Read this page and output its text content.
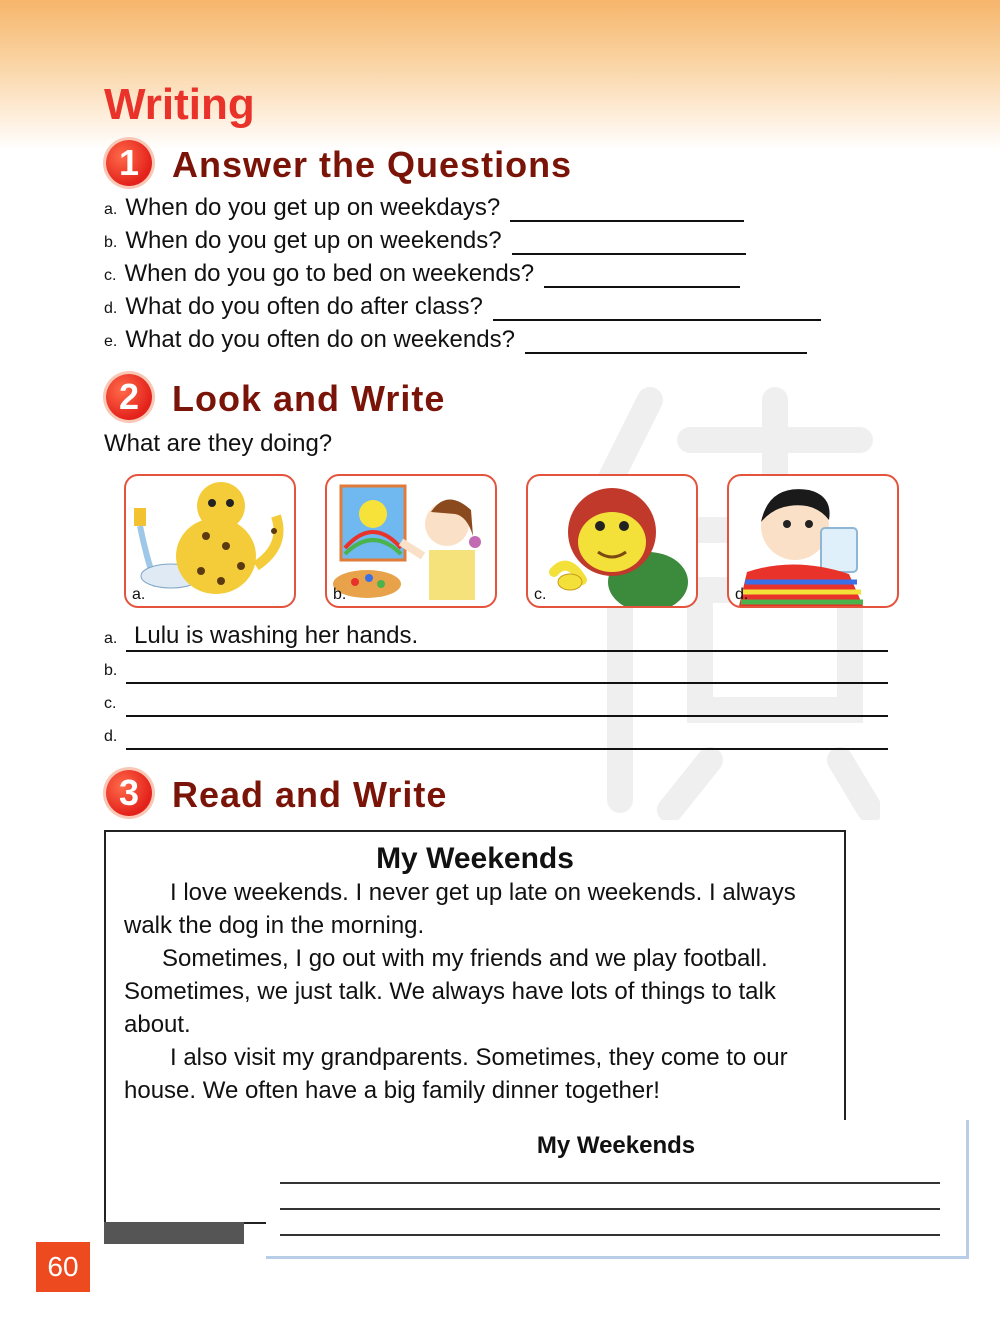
Writing
1 Answer the Questions
a. When do you get up on weekdays?
b. When do you get up on weekends?
c. When do you go to bed on weekends?
d. What do you often do after class?
e. What do you often do on weekends?
2 Look and Write
What are they doing?
a.	b.	c.	d.
a. Lulu is washing her hands.
b.
c.
d.
3 Read and Write
My Weekends

I love weekends. I never get up late on weekends. I always walk the dog in the morning.

Sometimes, I go out with my friends and we play football. Sometimes, we just talk. We always have lots of things to talk about.

I also visit my grandparents. Sometimes, they come to our house. We often have a big family dinner together!

My Weekends
60
